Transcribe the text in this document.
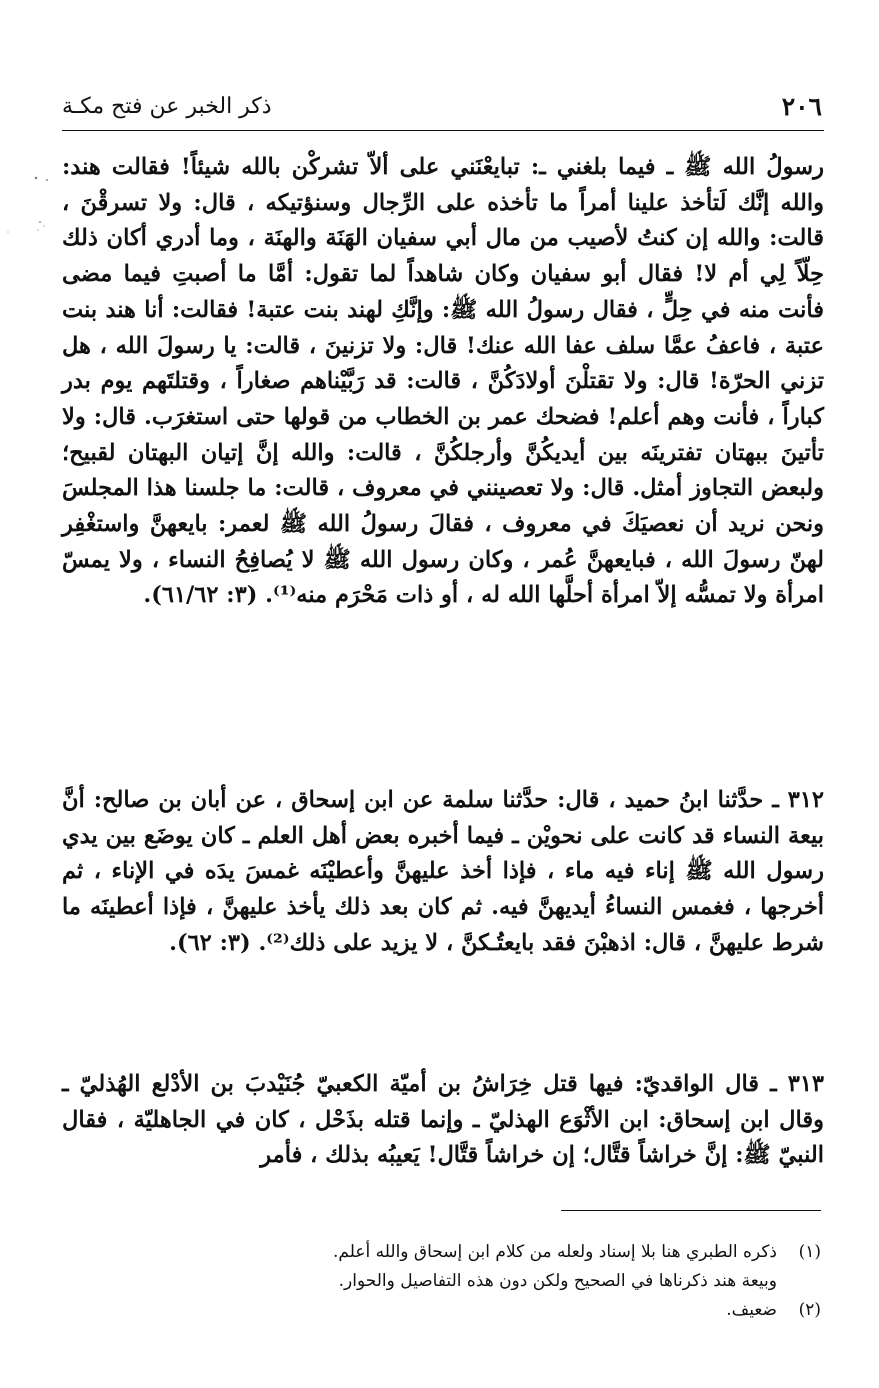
٢٠٦
ذكر الخبر عن فتح مكـة

رسولُ الله ﷺ ـ فيما بلغني ـ: تبايعْنَني على ألاّ تشركْن بالله شيئاً! فقالت هند: والله إنَّك لَتأخذ علينا أمراً ما تأخذه على الرِّجال وسنؤتيكه ، قال: ولا تسرقْنَ ، قالت: والله إن كنتُ لأصيب من مال أبي سفيان الهَنَة والهنَة ، وما أدري أكان ذلك حِلّاً لِي أم لا! فقال أبو سفيان وكان شاهداً لما تقول: أمَّا ما أصبتِ فيما مضى فأنت منه في حِلٍّ ، فقال رسولُ الله ﷺ: وإنَّكِ لهند بنت عتبة! فقالت: أنا هند بنت عتبة ، فاعفُ عمَّا سلف عفا الله عنك! قال: ولا تزنينَ ، قالت: يا رسولَ الله ، هل تزني الحرّة! قال: ولا تقتلْنَ أولادَكُنَّ ، قالت: قد رَبَّيْناهم صغاراً ، وقتلتَهم يوم بدر كباراً ، فأنت وهم أعلم! فضحك عمر بن الخطاب من قولها حتى استغرَب. قال: ولا تأتينَ ببهتان تفترينَه بين أيديكُنَّ وأرجلكُنَّ ، قالت: والله إنَّ إتيان البهتان لقبيح؛ ولبعض التجاوز أمثل. قال: ولا تعصينني في معروف ، قالت: ما جلسنا هذا المجلسَ ونحن نريد أن نعصيَكَ في معروف ، فقالَ رسولُ الله ﷺ لعمر: بايعهنَّ واستغْفِر لهنّ رسولَ الله ، فبايعهنَّ عُمر ، وكان رسول الله ﷺ لا يُصافِحُ النساء ، ولا يمسّ امرأة ولا تمسُّه إلاّ امرأة أحلَّها الله له ، أو ذات مَحْرَم منه⁽¹⁾. (٣: ٦١/٦٢).

٣١٢ ـ حدَّثنا ابنُ حميد ، قال: حدَّثنا سلمة عن ابن إسحاق ، عن أبان بن صالح: أنَّ بيعة النساء قد كانت على نحويْن ـ فيما أخبره بعض أهل العلم ـ كان يوضَع بين يدي رسول الله ﷺ إناء فيه ماء ، فإذا أخذ عليهنَّ وأعطيْنَه غمسَ يدَه في الإناء ، ثم أخرجها ، فغمس النساءُ أيديهنَّ فيه. ثم كان بعد ذلك يأخذ عليهنَّ ، فإذا أعطينَه ما شرط عليهنَّ ، قال: اذهبْنَ فقد بايعتُـكنَّ ، لا يزيد على ذلك⁽²⁾. (٣: ٦٢).

٣١٣ ـ قال الواقديّ: فيها قتل خِرَاشُ بن أميّة الكعبيّ جُنَيْدبَ بن الأدْلع الهُذليّ ـ وقال ابن إسحاق: ابن الأثْوَع الهذليّ ـ وإنما قتله بذَحْل ، كان في الجاهليّة ، فقال النبيّ ﷺ: إنَّ خراشاً قتَّال؛ إن خراشاً قتَّال! يَعيبُه بذلك ، فأمر

(١)ذكره الطبري هنا بلا إسناد ولعله من كلام ابن إسحاق والله أعلم.

وبيعة هند ذكرناها في الصحيح ولكن دون هذه التفاصيل والحوار.

(٢)ضعيف.
